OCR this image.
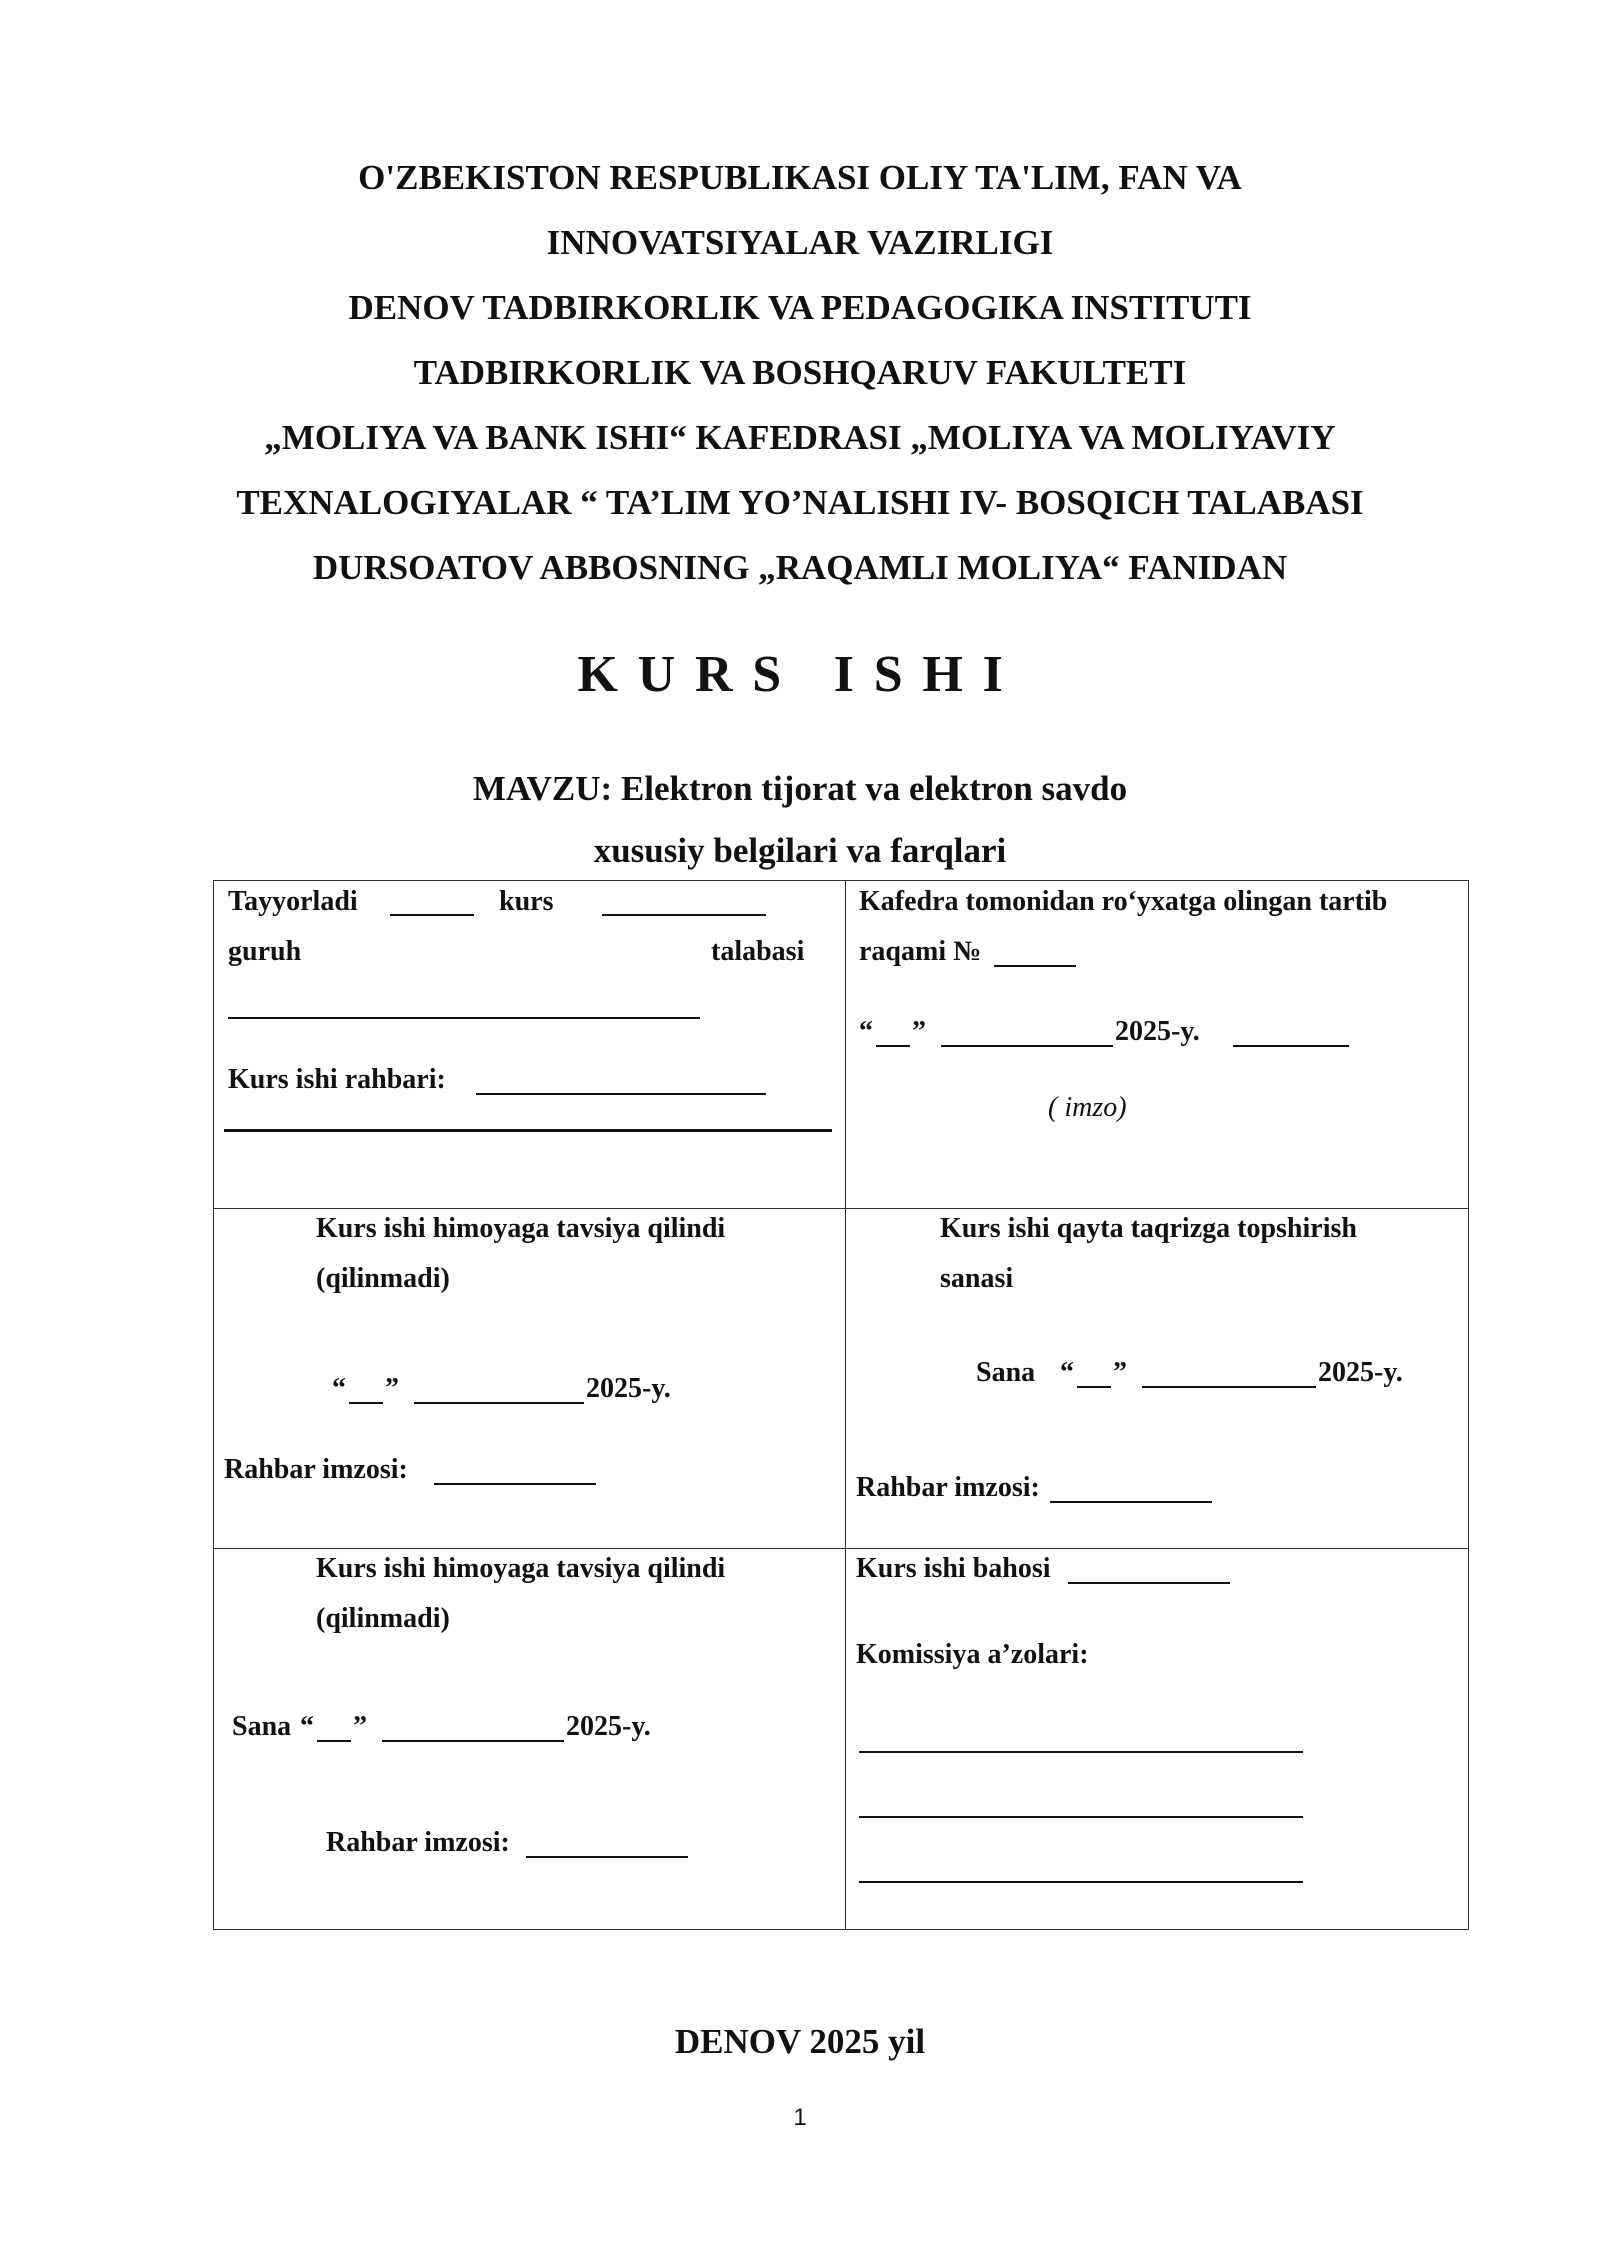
O'ZBEKISTON RESPUBLIKASI OLIY TA'LIM, FAN VA
INNOVATSIYALAR VAZIRLIGI
DENOV TADBIRKORLIK VA PEDAGOGIKA INSTITUTI
TADBIRKORLIK VA BOSHQARUV FAKULTETI
„MOLIYA VA BANK ISHI“ KAFEDRASI „MOLIYA VA MOLIYAVIY
TEXNALOGIYALAR “ TA’LIM YO’NALISHI IV- BOSQICH TALABASI
DURSOATOV ABBOSNING „RAQAMLI MOLIYA“ FANIDAN
KURS ISHI
MAVZU: Elektron tijorat va elektron savdo
xususiy belgilari va farqlari
Tayyorladi	kurs
guruh	talabasi
Kurs ishi rahbari:
Kafedra tomonidan ro‘yxatga olingan tartib
raqami №
“ ”	2025-y.
( imzo)
Kurs ishi himoyaga tavsiya qilindi
(qilinmadi)
“ ”	2025-y.
Rahbar imzosi:
Kurs ishi qayta taqrizga topshirish
sanasi
Sana “ ”	2025-y.
Rahbar imzosi:
Kurs ishi himoyaga tavsiya qilindi
(qilinmadi)
Sana “ ”	2025-y.
Rahbar imzosi:
Kurs ishi bahosi
Komissiya a’zolari:
DENOV 2025 yil
1
